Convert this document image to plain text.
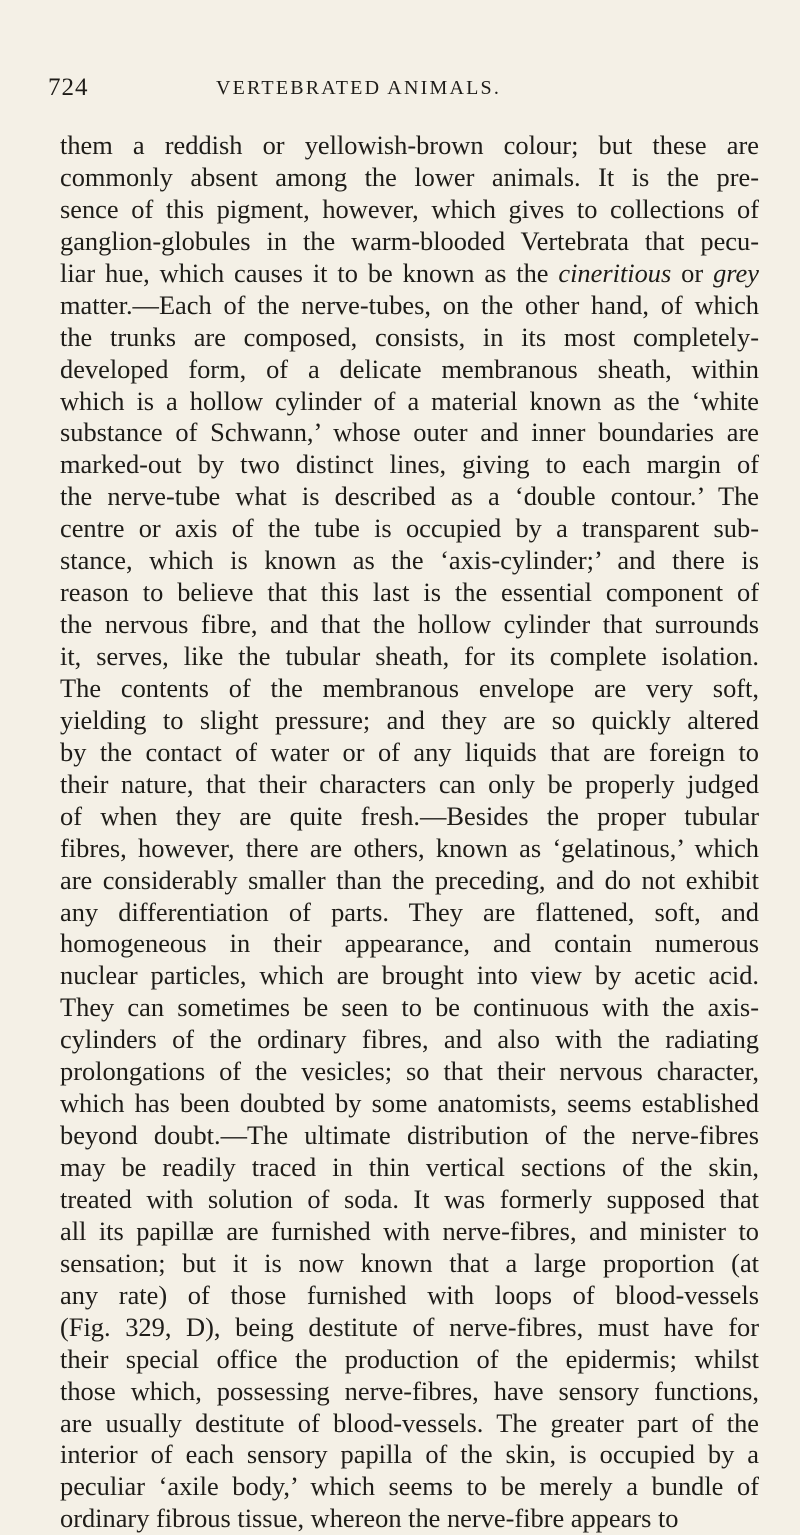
724	VERTEBRATED ANIMALS.
them a reddish or yellowish-brown colour; but these are
commonly absent among the lower animals. It is the pre-
sence of this pigment, however, which gives to collections of
ganglion-globules in the warm-blooded Vertebrata that pecu-
liar hue, which causes it to be known as the cineritious or grey
matter.—Each of the nerve-tubes, on the other hand, of which
the trunks are composed, consists, in its most completely-
developed form, of a delicate membranous sheath, within
which is a hollow cylinder of a material known as the ‘white
substance of Schwann,’ whose outer and inner boundaries are
marked-out by two distinct lines, giving to each margin of
the nerve-tube what is described as a ‘double contour.’ The
centre or axis of the tube is occupied by a transparent sub-
stance, which is known as the ‘axis-cylinder;’ and there is
reason to believe that this last is the essential component of
the nervous fibre, and that the hollow cylinder that surrounds
it, serves, like the tubular sheath, for its complete isolation.
The contents of the membranous envelope are very soft,
yielding to slight pressure; and they are so quickly altered
by the contact of water or of any liquids that are foreign to
their nature, that their characters can only be properly judged
of when they are quite fresh.—Besides the proper tubular
fibres, however, there are others, known as ‘gelatinous,’ which
are considerably smaller than the preceding, and do not exhibit
any differentiation of parts. They are flattened, soft, and
homogeneous in their appearance, and contain numerous
nuclear particles, which are brought into view by acetic acid.
They can sometimes be seen to be continuous with the axis-
cylinders of the ordinary fibres, and also with the radiating
prolongations of the vesicles; so that their nervous character,
which has been doubted by some anatomists, seems established
beyond doubt.—The ultimate distribution of the nerve-fibres
may be readily traced in thin vertical sections of the skin,
treated with solution of soda. It was formerly supposed that
all its papillæ are furnished with nerve-fibres, and minister to
sensation; but it is now known that a large proportion (at
any rate) of those furnished with loops of blood-vessels
(Fig. 329, D), being destitute of nerve-fibres, must have for
their special office the production of the epidermis; whilst
those which, possessing nerve-fibres, have sensory functions,
are usually destitute of blood-vessels. The greater part of the
interior of each sensory papilla of the skin, is occupied by a
peculiar ‘axile body,’ which seems to be merely a bundle of
ordinary fibrous tissue, whereon the nerve-fibre appears to
